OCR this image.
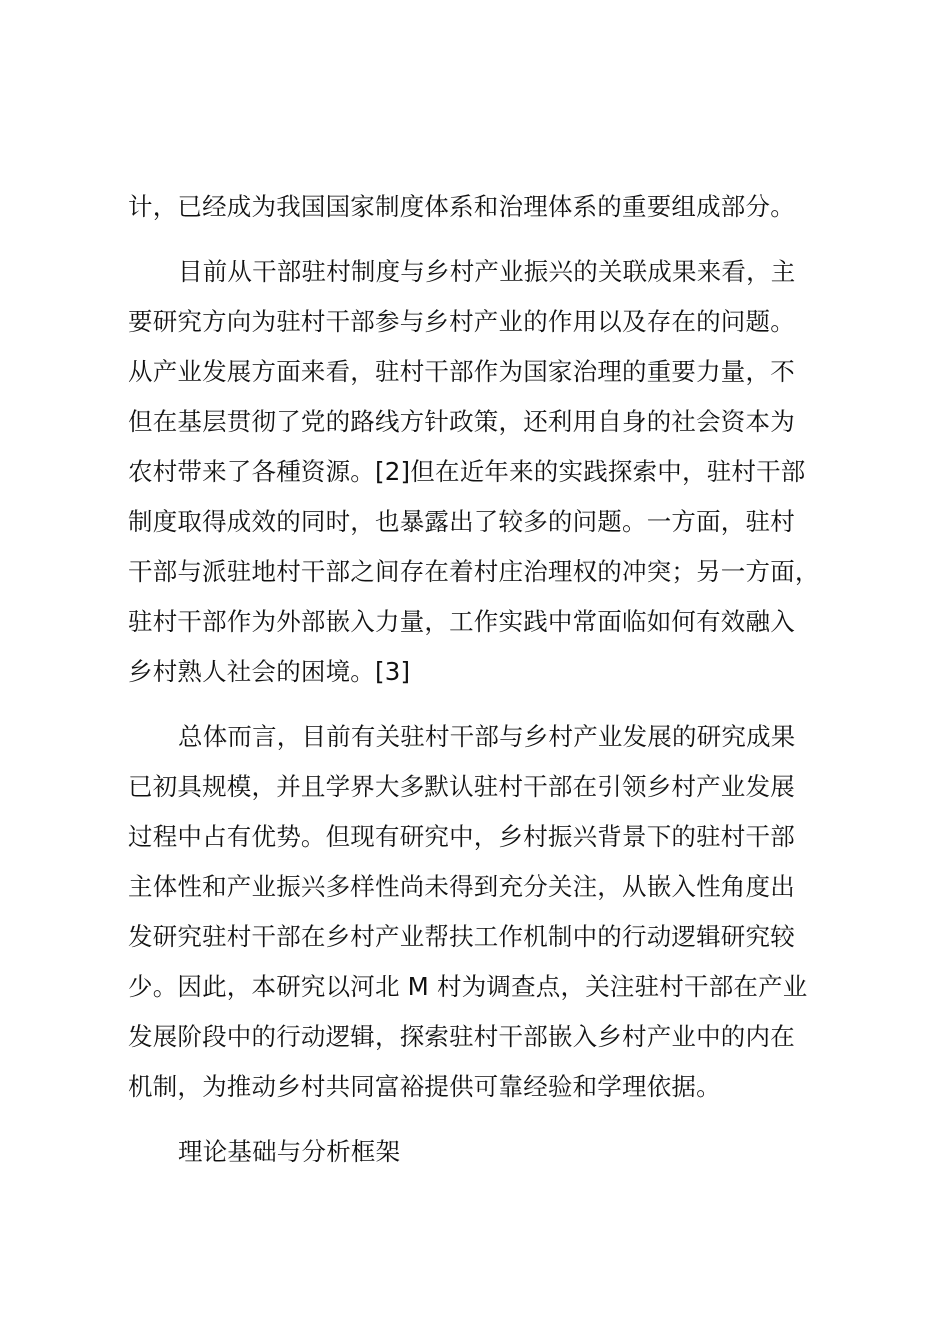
计，已经成为我国国家制度体系和治理体系的重要组成部分。
目前从干部驻村制度与乡村产业振兴的关联成果来看，主
要研究方向为驻村干部参与乡村产业的作用以及存在的问题。
从产业发展方面来看，驻村干部作为国家治理的重要力量，不
但在基层贯彻了党的路线方针政策，还利用自身的社会资本为
农村带来了各種资源。[2]但在近年来的实践探索中，驻村干部
制度取得成效的同时，也暴露出了较多的问题。一方面，驻村
干部与派驻地村干部之间存在着村庄治理权的冲突；另一方面，
驻村干部作为外部嵌入力量，工作实践中常面临如何有效融入
乡村熟人社会的困境。[3]
总体而言，目前有关驻村干部与乡村产业发展的研究成果
已初具规模，并且学界大多默认驻村干部在引领乡村产业发展
过程中占有优势。但现有研究中，乡村振兴背景下的驻村干部
主体性和产业振兴多样性尚未得到充分关注，从嵌入性角度出
发研究驻村干部在乡村产业帮扶工作机制中的行动逻辑研究较
少。因此，本研究以河北 M 村为调查点，关注驻村干部在产业
发展阶段中的行动逻辑，探索驻村干部嵌入乡村产业中的内在
机制，为推动乡村共同富裕提供可靠经验和学理依据。
理论基础与分析框架
